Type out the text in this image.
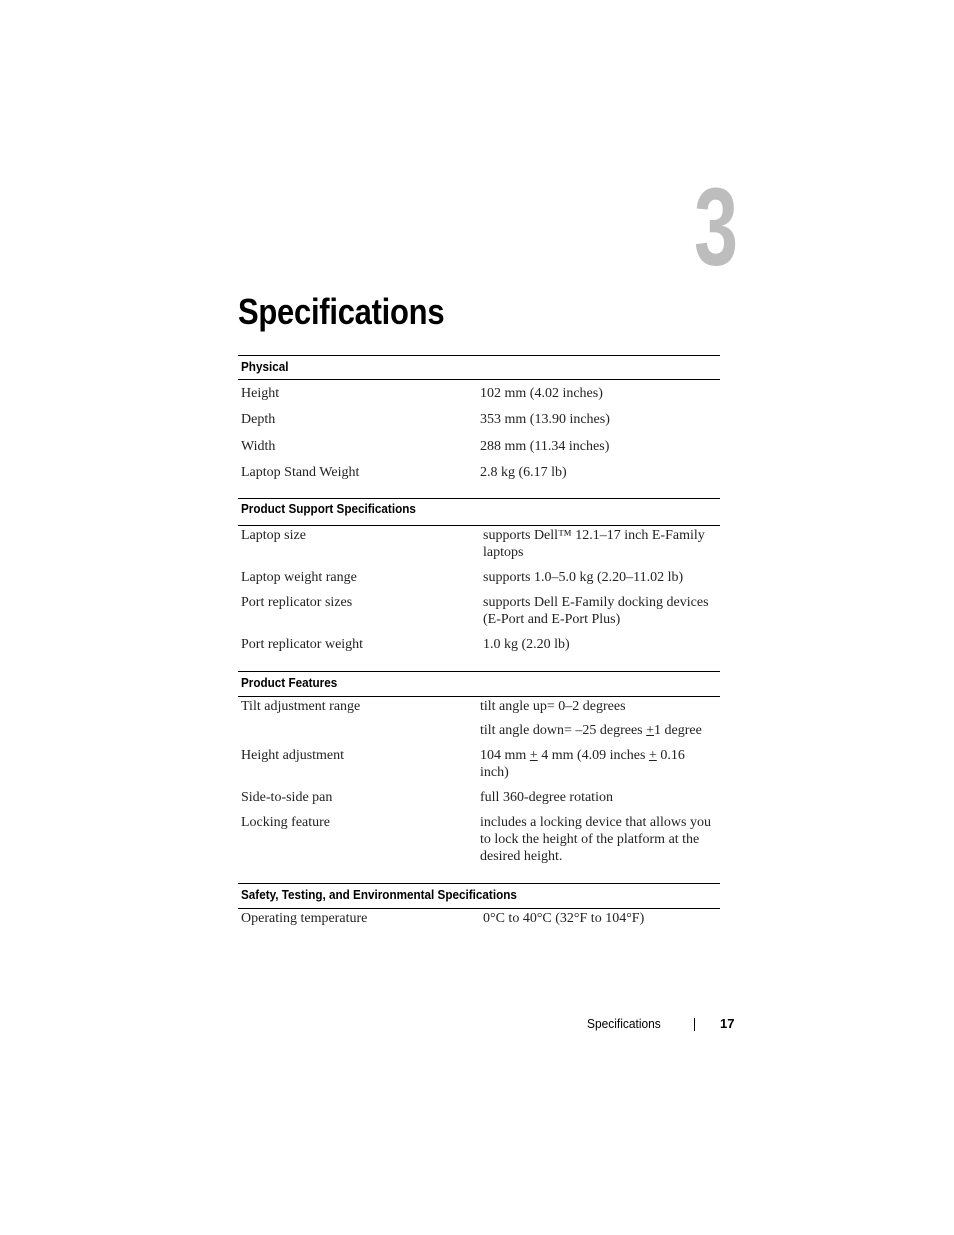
3
Specifications
Physical
Height	102 mm (4.02 inches)
Depth	353 mm (13.90 inches)
Width	288 mm (11.34 inches)
Laptop Stand Weight	2.8 kg (6.17 lb)
Product Support Specifications
Laptop size	supports Dell™ 12.1–17 inch E-Family laptops
Laptop weight range	supports 1.0–5.0 kg (2.20–11.02 lb)
Port replicator sizes	supports Dell E-Family docking devices (E-Port and E-Port Plus)
Port replicator weight	1.0 kg (2.20 lb)
Product Features
Tilt adjustment range	tilt angle up= 0–2 degrees
tilt angle down= –25 degrees +1 degree
Height adjustment	104 mm + 4 mm (4.09 inches + 0.16 inch)
Side-to-side pan	full 360-degree rotation
Locking feature	includes a locking device that allows you to lock the height of the platform at the desired height.
Safety, Testing, and Environmental Specifications
Operating temperature	0°C to 40°C (32°F to 104°F)
Specifications	17
